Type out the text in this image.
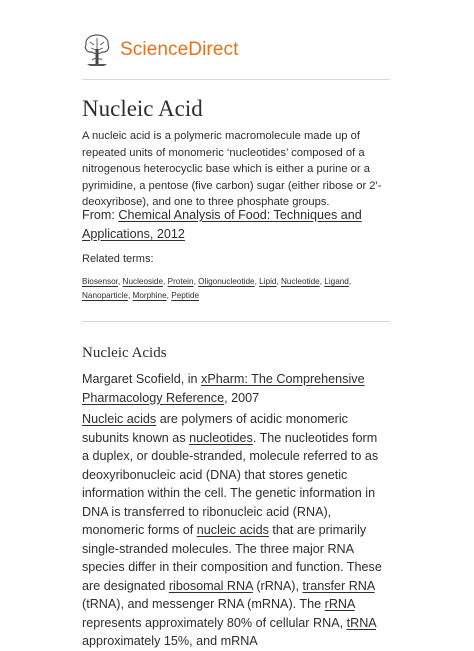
ScienceDirect
Nucleic Acid
A nucleic acid is a polymeric macromolecule made up of repeated units of monomeric ‘nucleotides’ composed of a nitrogenous heterocyclic base which is either a purine or a pyrimidine, a pentose (five carbon) sugar (either ribose or 2′-deoxyribose), and one to three phosphate groups.
From: Chemical Analysis of Food: Techniques and Applications, 2012
Related terms:
Biosensor, Nucleoside, Protein, Oligonucleotide, Lipid, Nucleotide, Ligand, Nanoparticle, Morphine, Peptide
Nucleic Acids
Margaret Scofield, in xPharm: The Comprehensive Pharmacology Reference, 2007
Nucleic acids are polymers of acidic monomeric subunits known as nucleotides. The nucleotides form a duplex, or double-stranded, molecule referred to as deoxyribonucleic acid (DNA) that stores genetic information within the cell. The genetic information in DNA is transferred to ribonucleic acid (RNA), monomeric forms of nucleic acids that are primarily single-stranded molecules. The three major RNA species differ in their composition and function. These are designated ribosomal RNA (rRNA), transfer RNA (tRNA), and messenger RNA (mRNA). The rRNA represents approximately 80% of cellular RNA, tRNA approximately 15%, and mRNA
